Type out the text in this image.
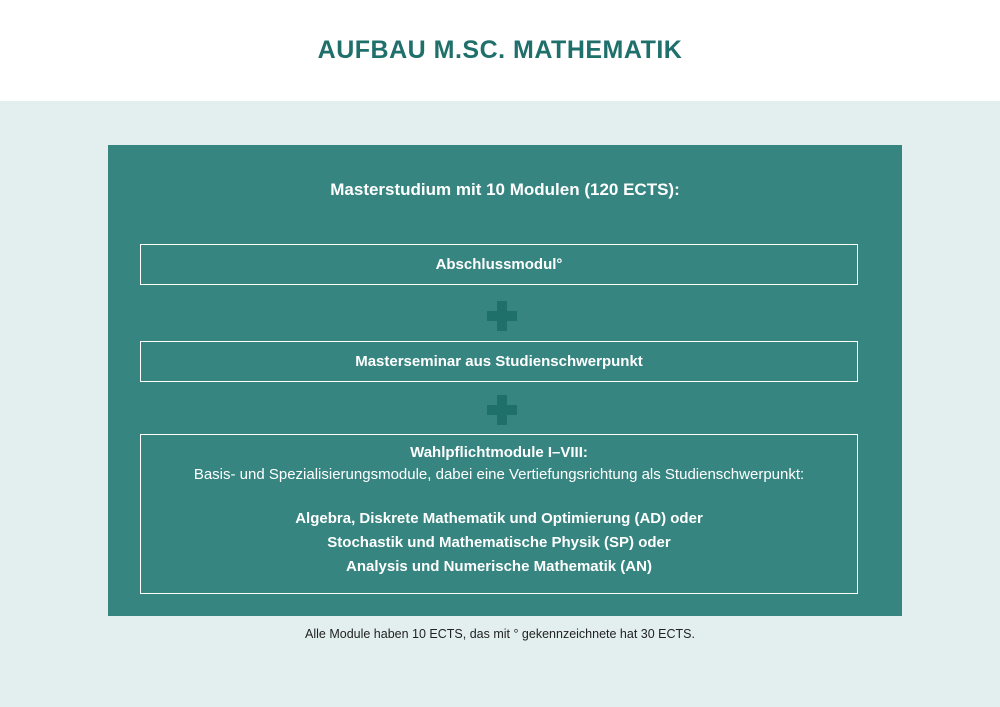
AUFBAU M.SC. MATHEMATIK
Masterstudium mit 10 Modulen (120 ECTS):
Abschlussmodul°
Masterseminar aus Studienschwerpunkt
Wahlpflichtmodule I–VIII:
Basis- und Spezialisierungsmodule, dabei eine Vertiefungsrichtung als Studienschwerpunkt:
Algebra, Diskrete Mathematik und Optimierung (AD) oder
Stochastik und Mathematische Physik (SP) oder
Analysis und Numerische Mathematik (AN)
Alle Module haben 10 ECTS, das mit ° gekennzeichnete hat 30 ECTS.
